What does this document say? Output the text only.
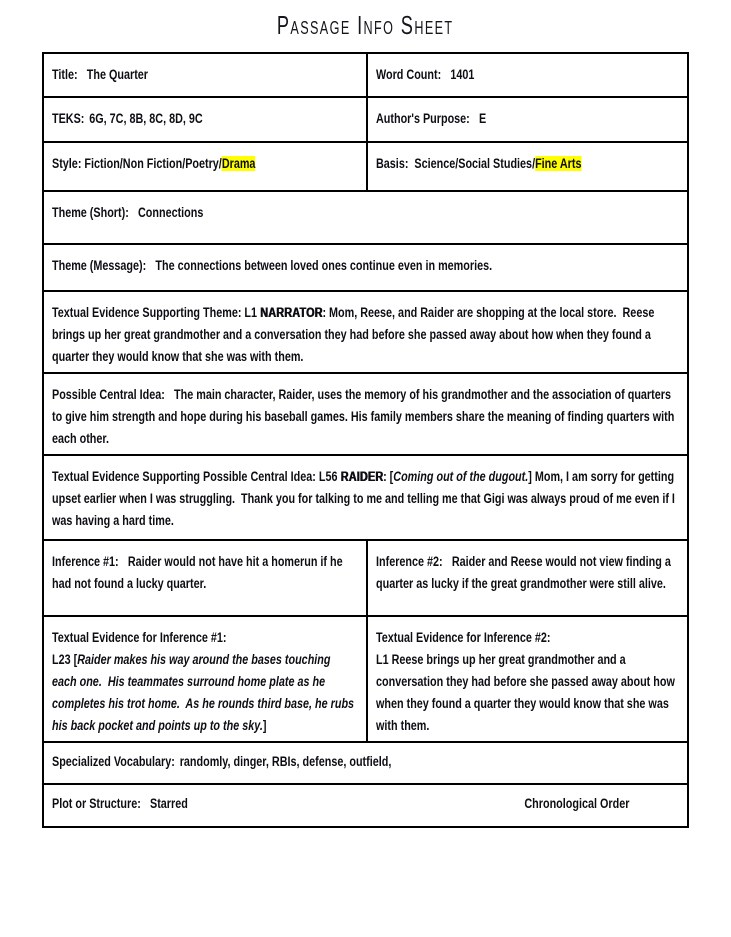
Passage Info Sheet
Title: The Quarter	Word Count: 1401
TEKS: 6G, 7C, 8B, 8C, 8D, 9C	Author's Purpose: E
Style: Fiction/Non Fiction/Poetry/Drama	Basis:  Science/Social Studies/Fine Arts
Theme (Short): Connections
Theme (Message): The connections between loved ones continue even in memories.
Textual Evidence Supporting Theme: L1 NARRATOR: Mom, Reese, and Raider are shopping at the local store.  Reese brings up her great grandmother and a conversation they had before she passed away about how when they found a quarter they would know that she was with them.
Possible Central Idea: The main character, Raider, uses the memory of his grandmother and the association of quarters to give him strength and hope during his baseball games. His family members share the meaning of finding quarters with each other.
Textual Evidence Supporting Possible Central Idea: L56 RAIDER: [Coming out of the dugout.] Mom, I am sorry for getting upset earlier when I was struggling.  Thank you for talking to me and telling me that Gigi was always proud of me even if I was having a hard time.
Inference #1: Raider would not have hit a homerun if he had not found a lucky quarter.
Inference #2: Raider and Reese would not view finding a quarter as lucky if the great grandmother were still alive.
Textual Evidence for Inference #1:
L23 [Raider makes his way around the bases touching each one.  His teammates surround home plate as he completes his trot home.  As he rounds third base, he rubs his back pocket and points up to the sky.]
Textual Evidence for Inference #2:
L1 Reese brings up her great grandmother and a conversation they had before she passed away about how when they found a quarter they would know that she was with them.
Specialized Vocabulary: randomly, dinger, RBIs, defense, outfield,
Plot or Structure: Starred	Chronological Order
